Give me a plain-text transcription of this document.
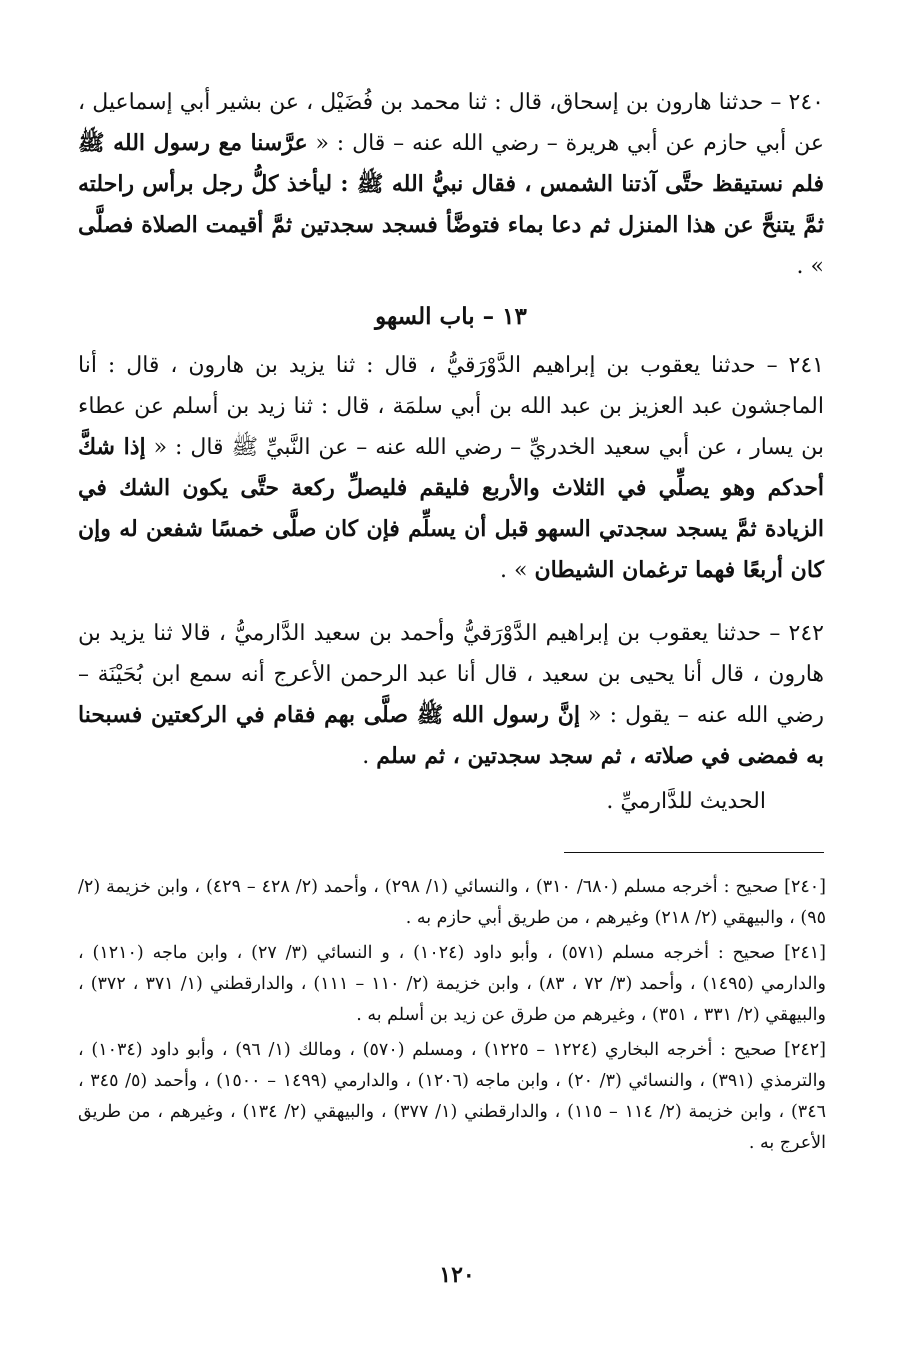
٢٤٠ – حدثنا هارون بن إسحاق، قال : ثنا محمد بن فُضَيْل ، عن بشير أبي إسماعيل ، عن أبي حازم عن أبي هريرة – رضي الله عنه – قال : « عرَّسنا مع رسول الله ﷺ فلم نستيقظ حتَّى آذتنا الشمس ، فقال نبيُّ الله ﷺ : ليأخذ كلُّ رجل برأس راحلته ثمَّ يتنحَّ عن هذا المنزل ثم دعا بماء فتوضَّأ فسجد سجدتين ثمَّ أقيمت الصلاة فصلَّى » .

١٣ – باب السهو

٢٤١ – حدثنا يعقوب بن إبراهيم الدَّوْرَقيُّ ، قال : ثنا يزيد بن هارون ، قال : أنا الماجشون عبد العزيز بن عبد الله بن أبي سلمَة ، قال : ثنا زيد بن أسلم عن عطاء بن يسار ، عن أبي سعيد الخدريِّ – رضي الله عنه – عن النَّبيِّ ﷺ قال : « إذا شكَّ أحدكم وهو يصلِّي في الثلاث والأربع فليقم فليصلِّ ركعة حتَّى يكون الشك في الزيادة ثمَّ يسجد سجدتي السهو قبل أن يسلِّم فإن كان صلَّى خمسًا شفعن له وإن كان أربعًا فهما ترغمان الشيطان » .

٢٤٢ – حدثنا يعقوب بن إبراهيم الدَّوْرَقيُّ وأحمد بن سعيد الدَّارميُّ ، قالا ثنا يزيد بن هارون ، قال أنا يحيى بن سعيد ، قال أنا عبد الرحمن الأعرج أنه سمع ابن بُحَيْنَة – رضي الله عنه – يقول : « إنَّ رسول الله ﷺ صلَّى بهم فقام في الركعتين فسبحنا به فمضى في صلاته ، ثم سجد سجدتين ، ثم سلم .

الحديث للدَّارميِّ .

[٢٤٠] صحيح : أخرجه مسلم (٦٨٠/ ٣١٠) ، والنسائي (١/ ٢٩٨) ، وأحمد (٢/ ٤٢٨ – ٤٢٩) ، وابن خزيمة (٢/ ٩٥) ، والبيهقي (٢/ ٢١٨) وغيرهم ، من طريق أبي حازم به .

[٢٤١] صحيح : أخرجه مسلم (٥٧١) ، وأبو داود (١٠٢٤) ، و النسائي (٣/ ٢٧) ، وابن ماجه (١٢١٠) ، والدارمي (١٤٩٥) ، وأحمد (٣/ ٧٢ ، ٨٣) ، وابن خزيمة (٢/ ١١٠ – ١١١) ، والدارقطني (١/ ٣٧١ ، ٣٧٢) ، والبيهقي (٢/ ٣٣١ ، ٣٥١) ، وغيرهم من طرق عن زيد بن أسلم به .

[٢٤٢] صحيح : أخرجه البخاري (١٢٢٤ – ١٢٢٥) ، ومسلم (٥٧٠) ، ومالك (١/ ٩٦) ، وأبو داود (١٠٣٤) ، والترمذي (٣٩١) ، والنسائي (٣/ ٢٠) ، وابن ماجه (١٢٠٦) ، والدارمي (١٤٩٩ – ١٥٠٠) ، وأحمد (٥/ ٣٤٥ ، ٣٤٦) ، وابن خزيمة (٢/ ١١٤ – ١١٥) ، والدارقطني (١/ ٣٧٧) ، والبيهقي (٢/ ١٣٤) ، وغيرهم ، من طريق الأعرج به .

١٢٠
